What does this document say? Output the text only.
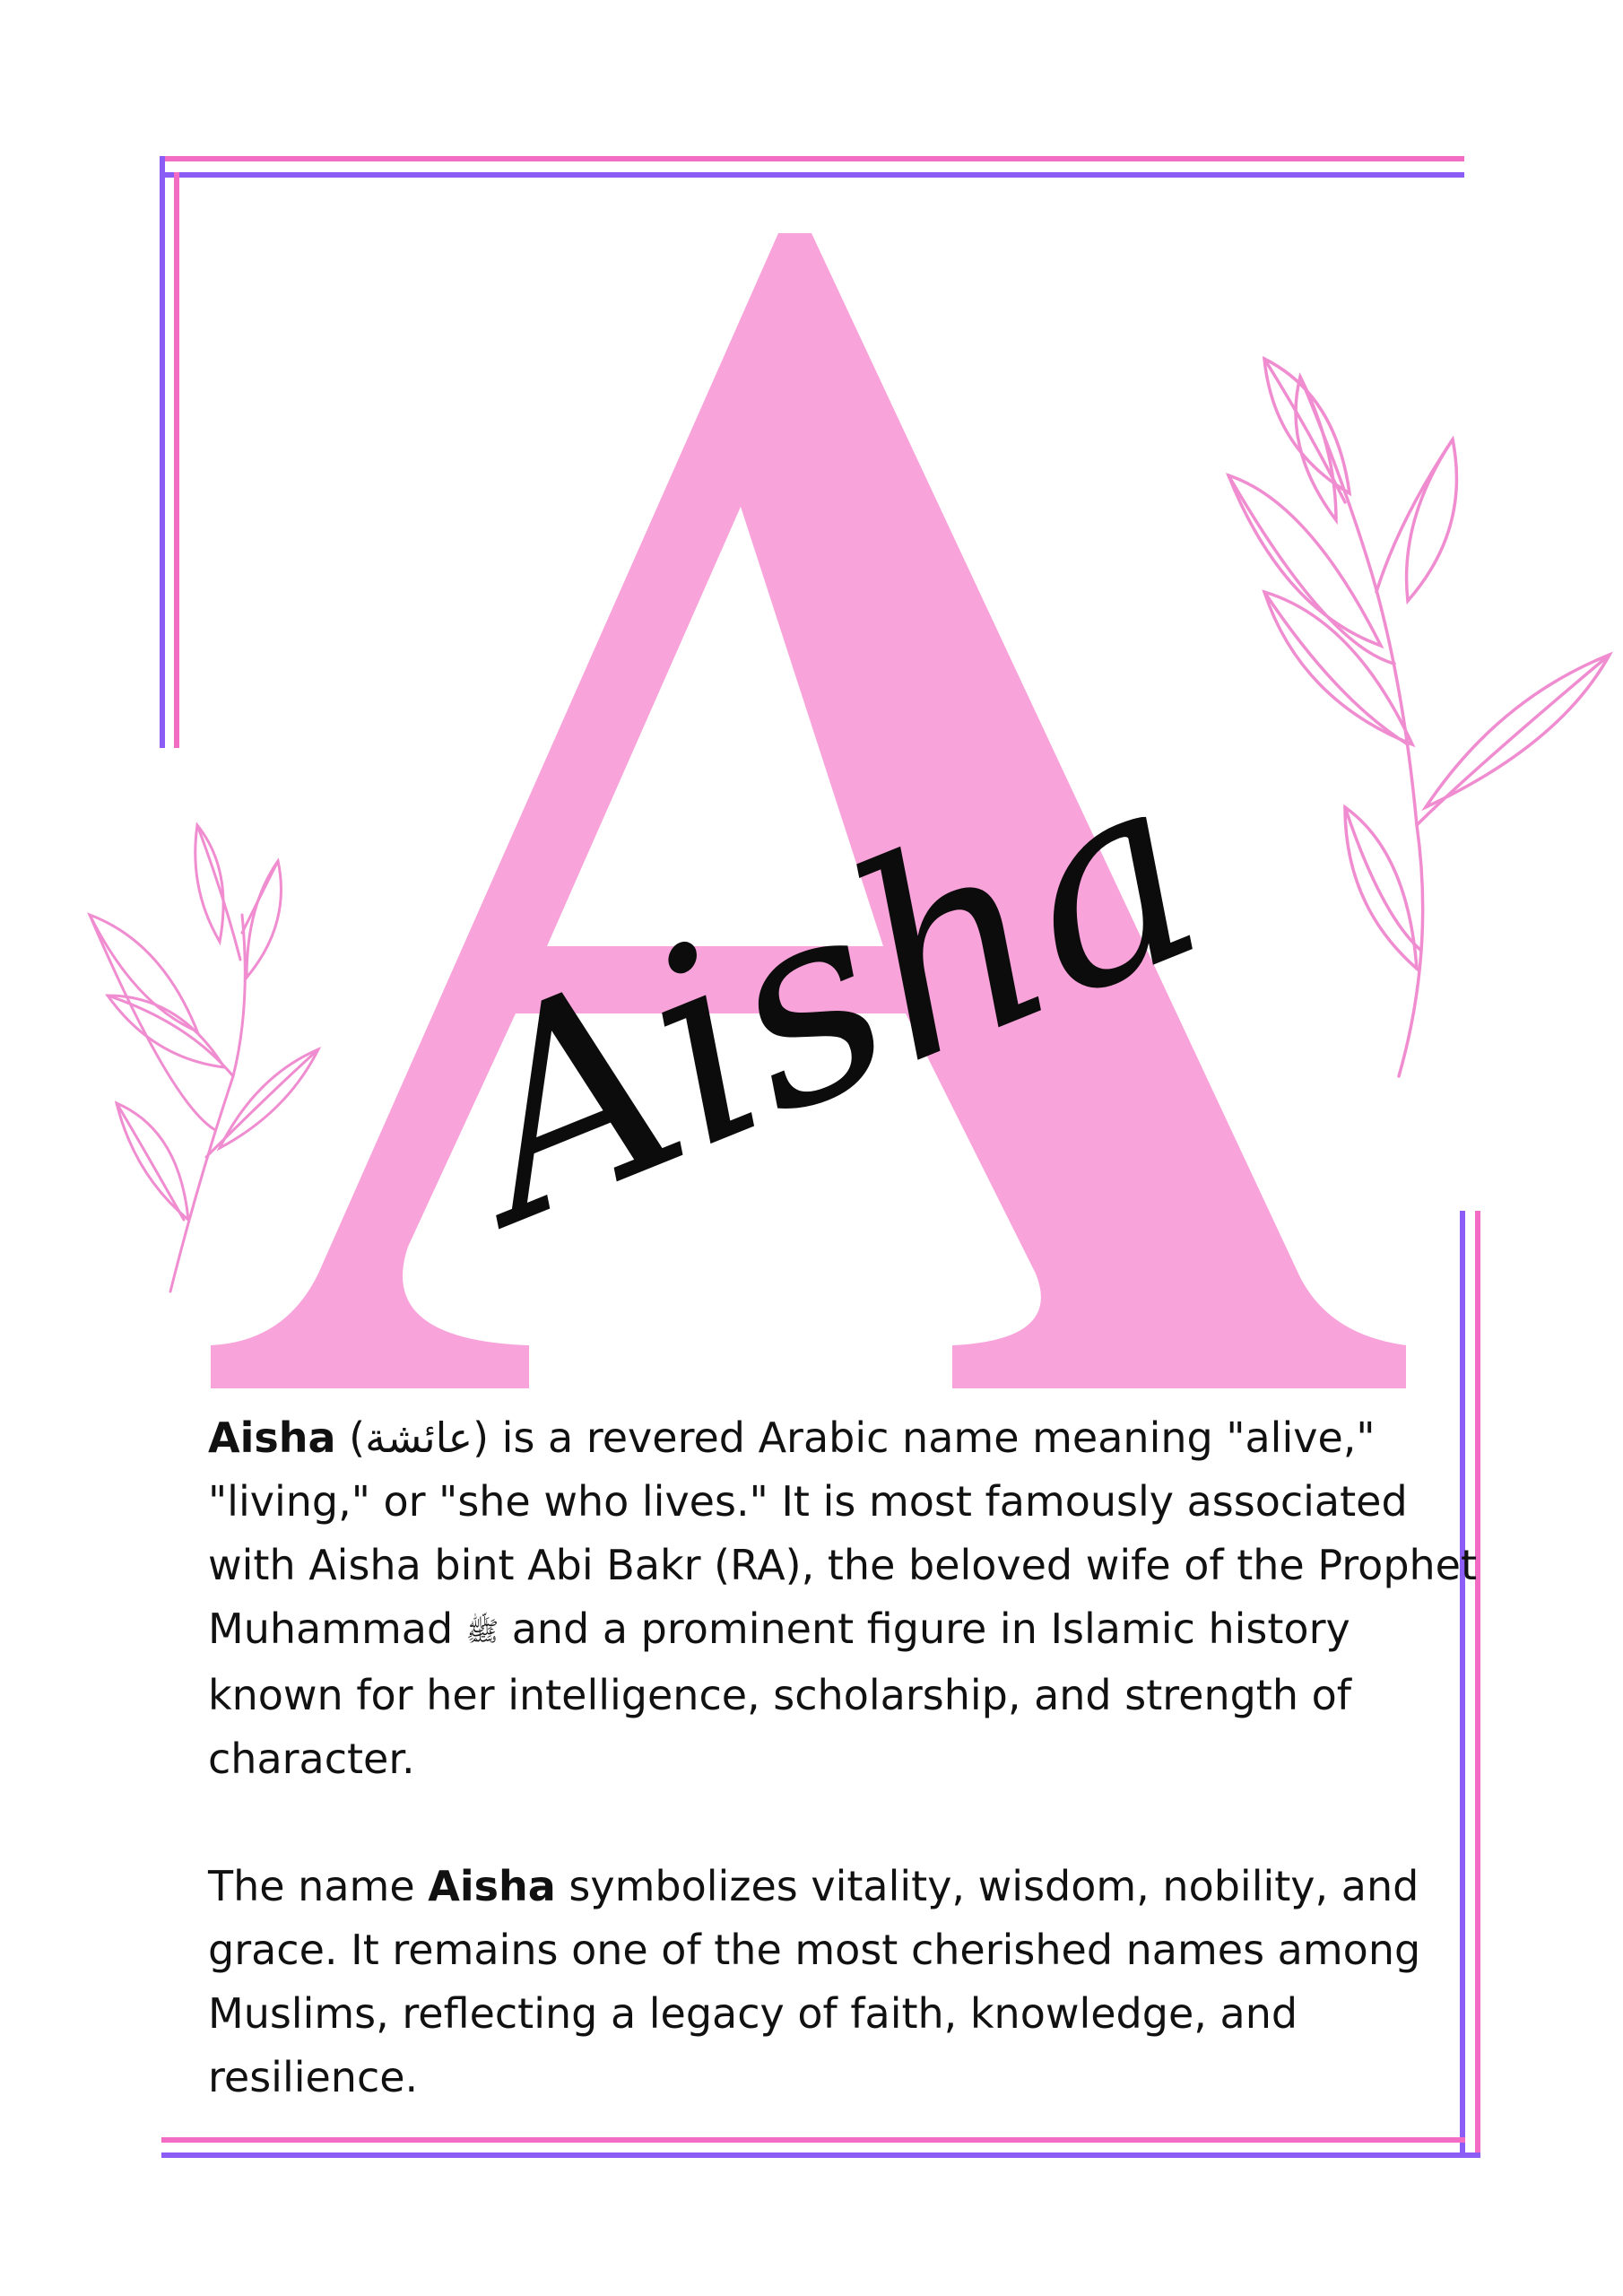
Aisha

Aisha (عائشة) is a revered Arabic name meaning "alive," "living," or "she who lives." It is most famously associated with Aisha bint Abi Bakr (RA), the beloved wife of the Prophet Muhammad ﷺ and a prominent figure in Islamic history known for her intelligence, scholarship, and strength of character.

The name Aisha symbolizes vitality, wisdom, nobility, and grace. It remains one of the most cherished names among Muslims, reflecting a legacy of faith, knowledge, and resilience.
